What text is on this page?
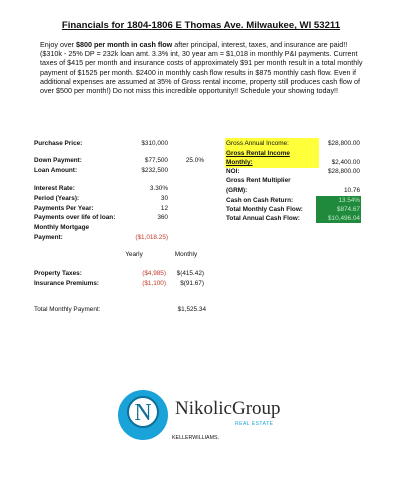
Financials for 1804-1806 E Thomas Ave. Milwaukee, WI 53211
Enjoy over $800 per month in cash flow after principal, interest, taxes, and insurance are paid!! ($310k - 25% DP = 232k loan amt. 3.3% int, 30 year am = $1,018 in monthly P&I payments. Current taxes of $415 per month and insurance costs of approximately $91 per month result in a total monthly payment of $1525 per month. $2400 in monthly cash flow results in $875 monthly cash flow. Even if additional expenses are assumed at 35% of Gross rental income, property still produces cash flow of over $500 per month!) Do not miss this incredible opportunity!! Schedule your showing today!!
Purchase Price:	$310,000
Down Payment:	$77,500	25.0%
Loan Amount:	$232,500
Interest Rate:	3.30%
Period (Years):	30
Payments Per Year:	12
Payments over life of loan:	360
Monthly Mortgage
Payment:	($1,018.25)
Yearly	Monthly
Property Taxes:	($4,985)	$(415.42)
Insurance Premiums:	($1,100)	$(91.67)
Total Monthly Payment:	$1,525.34
Gross Annual Income:	$28,800.00
Gross Rental Income
Monthly:	$2,400.00
NOI:	$28,800.00
Gross Rent Multiplier
(GRM):	10.76
Cash on Cash Return:	13.54%
Total Monthly Cash Flow:	$874.67
Total Annual Cash Flow:	$10,496.04
N NikolicGroup
REAL ESTATE
KELLERWILLIAMS.
